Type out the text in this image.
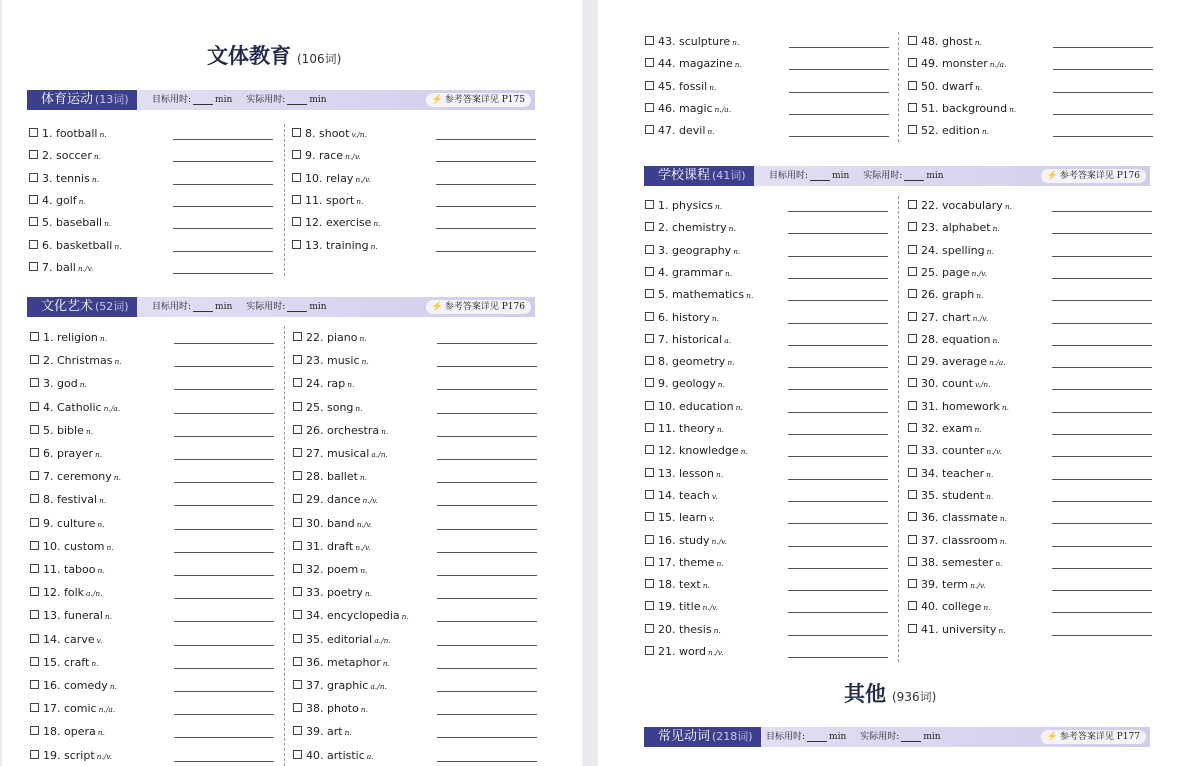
文体教育 (106词)
体育运动 (13词)	目标用时:	min 实际用时:	min	⚡ 参考答案详见 P175
1. football n.
2. soccer n.
3. tennis n.
4. golf n.
5. baseball n.
6. basketball n.
7. ball n./v.
8. shoot v./n.
9. race n./v.
10. relay n./v.
11. sport n.
12. exercise n.
13. training n.
文化艺术 (52词)	目标用时:	min 实际用时:	min	⚡ 参考答案详见 P176
1. religion n.
2. Christmas n.
3. god n.
4. Catholic n./a.
5. bible n.
6. prayer n.
7. ceremony n.
8. festival n.
9. culture n.
10. custom n.
11. taboo n.
12. folk a./n.
13. funeral n.
14. carve v.
15. craft n.
16. comedy n.
17. comic n./a.
18. opera n.
19. script n./v.
22. piano n.
23. music n.
24. rap n.
25. song n.
26. orchestra n.
27. musical a./n.
28. ballet n.
29. dance n./v.
30. band n./v.
31. draft n./v.
32. poem n.
33. poetry n.
34. encyclopedia n.
35. editorial a./n.
36. metaphor n.
37. graphic a./n.
38. photo n.
39. art n.
40. artistic a.
43. sculpture n.
44. magazine n.
45. fossil n.
46. magic n./a.
47. devil n.
48. ghost n.
49. monster n./a.
50. dwarf n.
51. background n.
52. edition n.
学校课程 (41词)	目标用时:	min 实际用时:	min	⚡ 参考答案详见 P176
1. physics n.
2. chemistry n.
3. geography n.
4. grammar n.
5. mathematics n.
6. history n.
7. historical a.
8. geometry n.
9. geology n.
10. education n.
11. theory n.
12. knowledge n.
13. lesson n.
14. teach v.
15. learn v.
16. study n./v.
17. theme n.
18. text n.
19. title n./v.
20. thesis n.
21. word n./v.
22. vocabulary n.
23. alphabet n.
24. spelling n.
25. page n./v.
26. graph n.
27. chart n./v.
28. equation n.
29. average n./a.
30. count v./n.
31. homework n.
32. exam n.
33. counter n./v.
34. teacher n.
35. student n.
36. classmate n.
37. classroom n.
38. semester n.
39. term n./v.
40. college n.
41. university n.
常见动词 (218词)	目标用时:	min 实际用时:	min	⚡ 参考答案详见 P177
其他 (936词)
